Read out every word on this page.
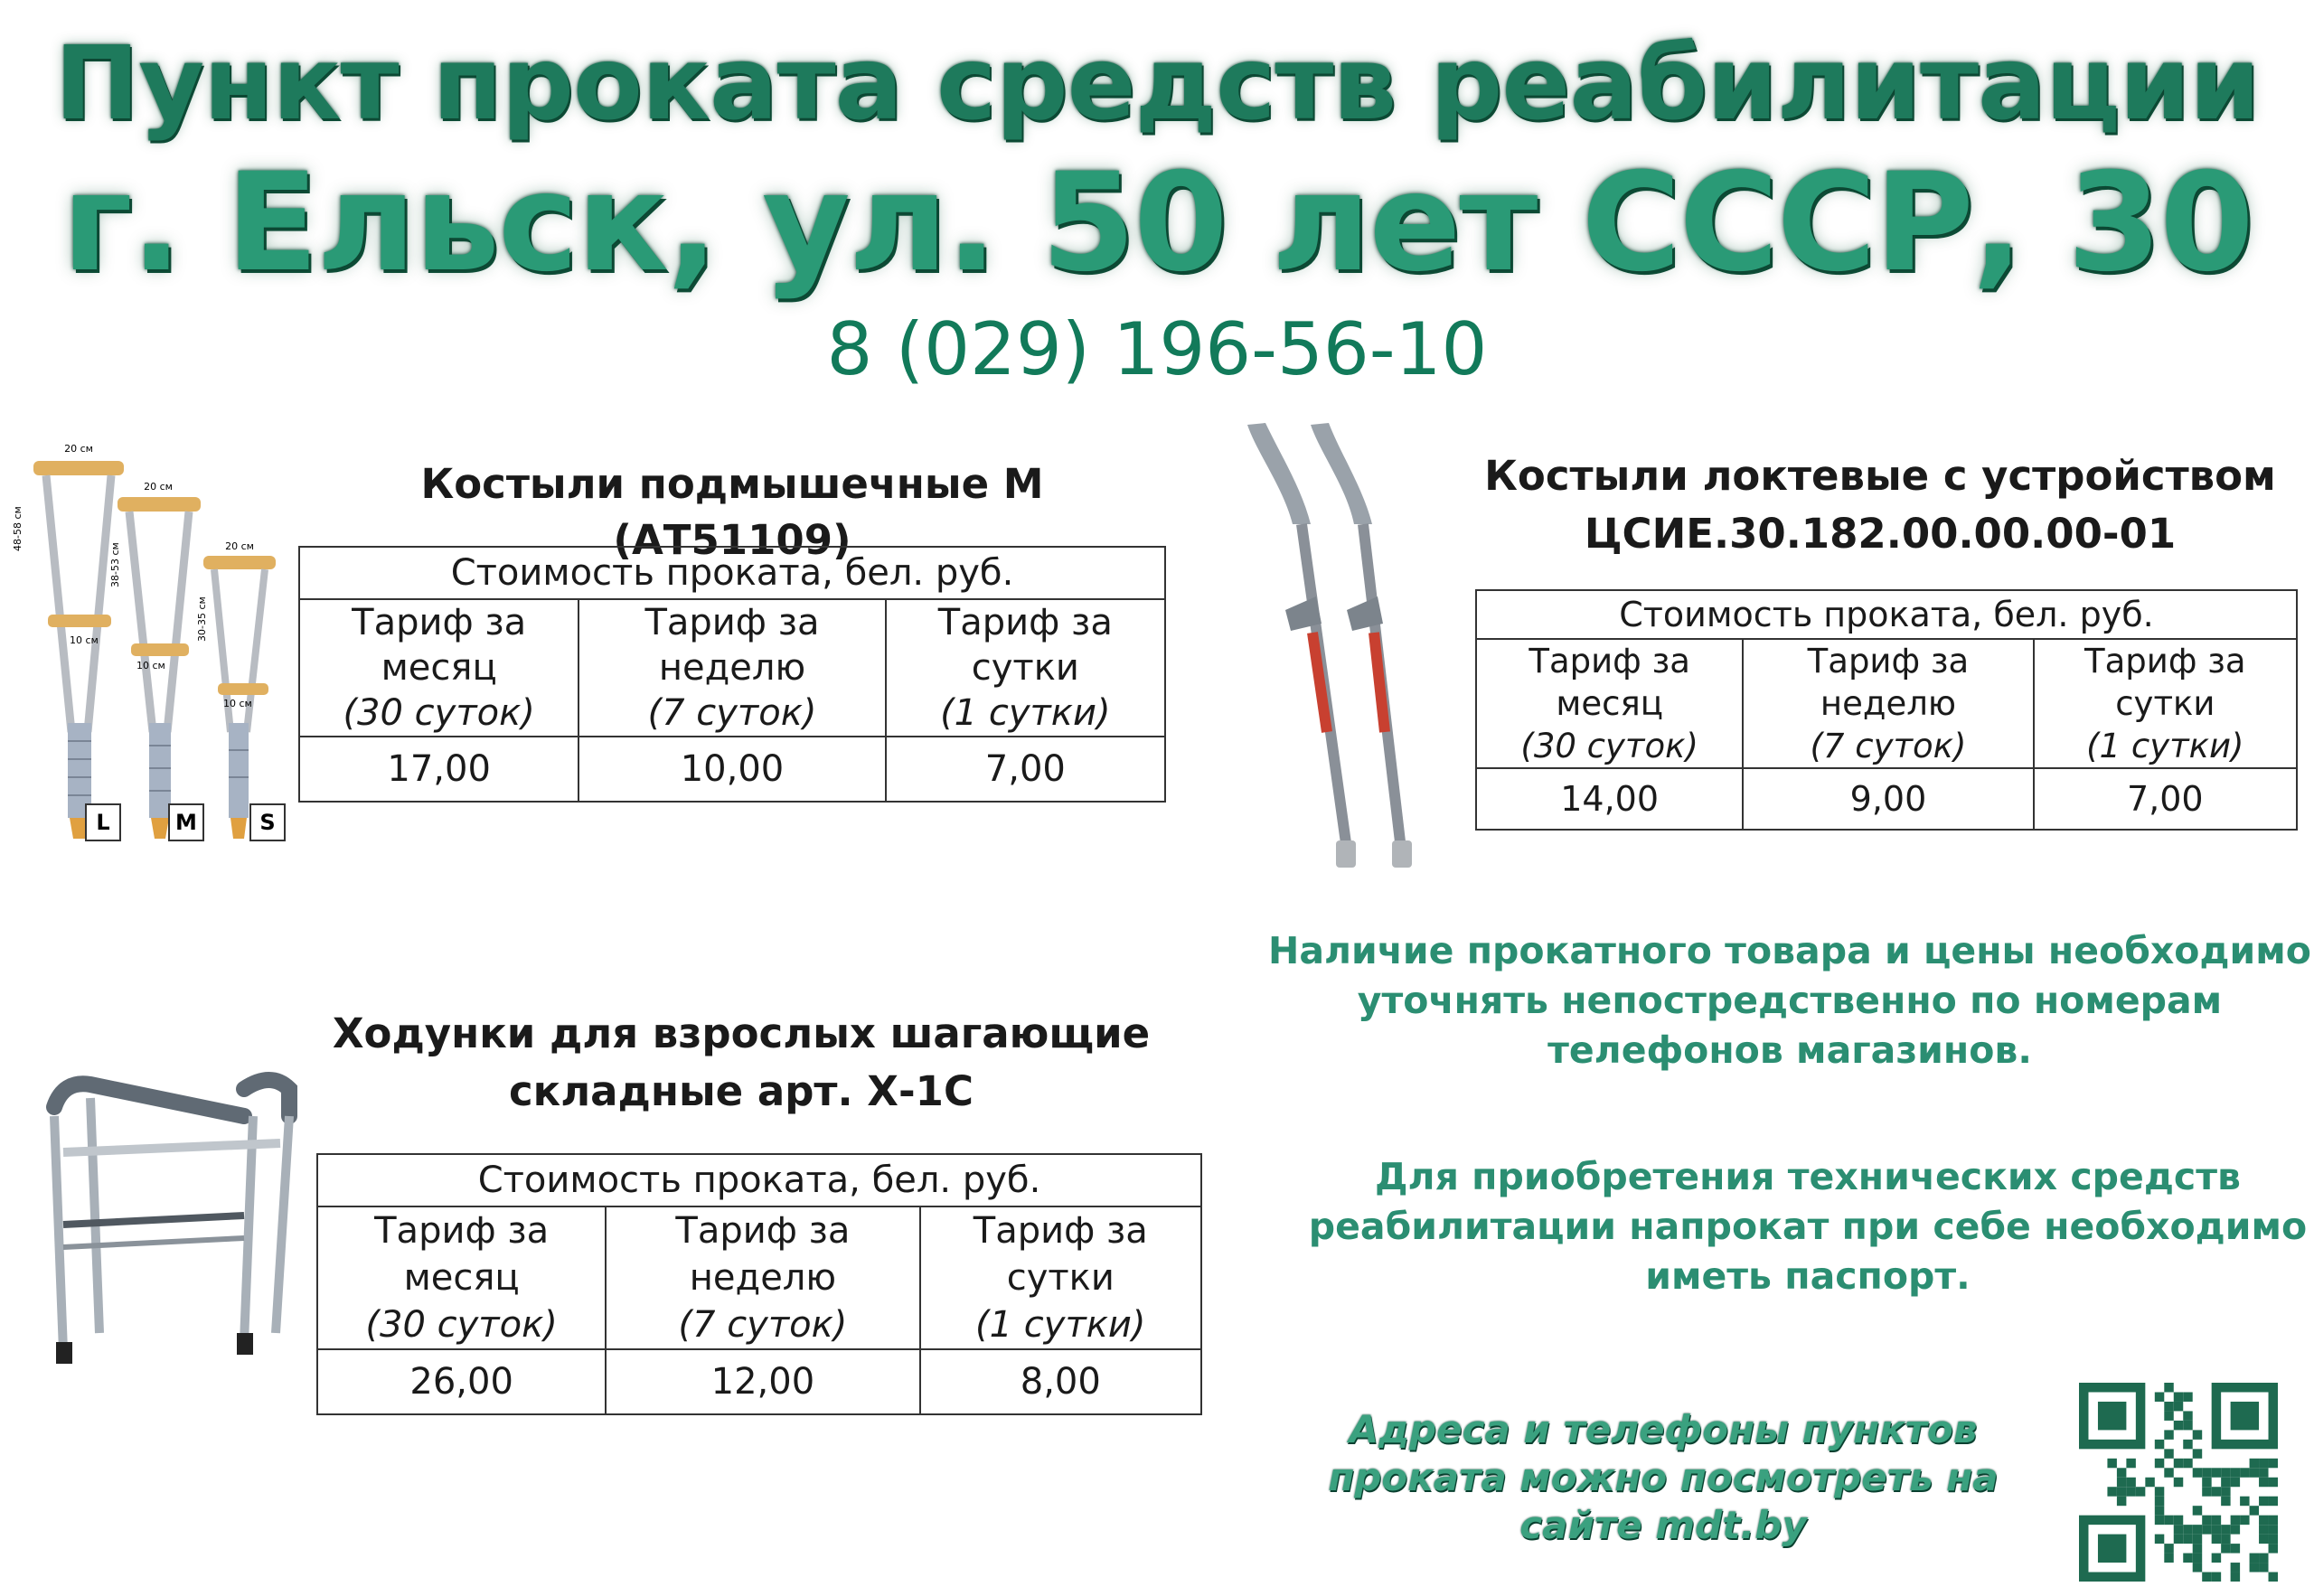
Пункт проката средств реабилитации
г. Ельск, ул. 50 лет СССР, 30
8 (029) 196-56-10
L
20 см
48-58 см
10 см
M
20 см
38-53 см
10 см
S
20 см
30-35 см
10 см
Костыли подмышечные М (АТ51109)
Стоимость проката, бел. руб.		
Тариф за
месяц
(30 суток)	Тариф за
неделю
(7 суток)	Тариф за
сутки
(1 сутки)
17,00	10,00	7,00
Костыли локтевые с устройством
ЦСИЕ.30.182.00.00.00-01
Стоимость проката, бел. руб.		
Тариф за
месяц
(30 суток)	Тариф за
неделю
(7 суток)	Тариф за
сутки
(1 сутки)
14,00	9,00	7,00
Наличие прокатного товара и цены необходимо
уточнять непостредственно по номерам
телефонов магазинов.
Для приобретения технических средств
реабилитации напрокат при себе необходимо
иметь паспорт.
Ходунки для взрослых шагающие
складные арт. Х-1С
Стоимость проката, бел. руб.		
Тариф за
месяц
(30 суток)	Тариф за
неделю
(7 суток)	Тариф за
сутки
(1 сутки)
26,00	12,00	8,00
Адреса и телефоны пунктов
проката можно посмотреть на
сайте mdt.by
